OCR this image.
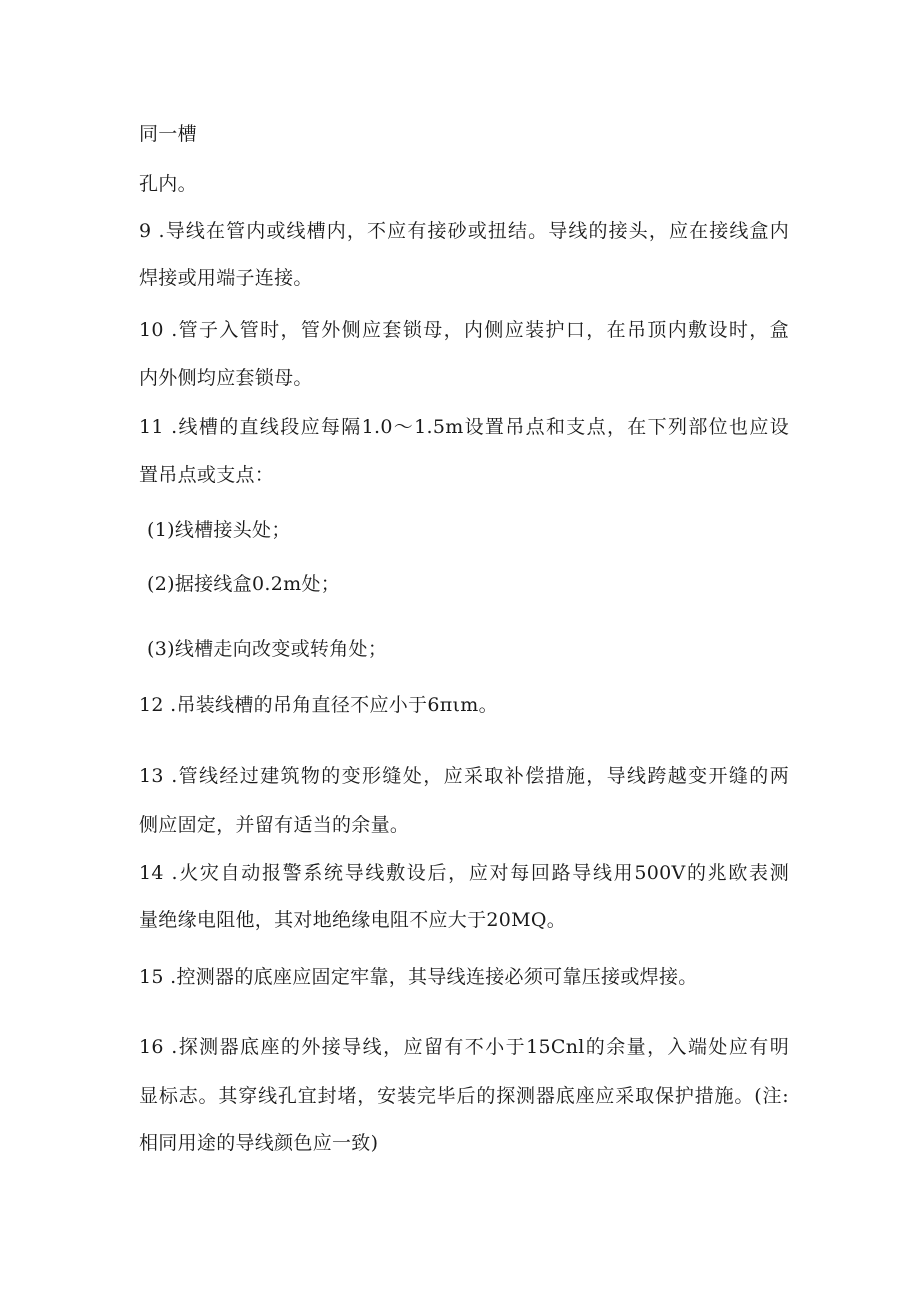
同一槽
孔内。
9 .导线在管内或线槽内，不应有接砂或扭结。导线的接头，应在接线盒内
焊接或用端子连接。
10 .管子入管时，管外侧应套锁母，内侧应装护口，在吊顶内敷设时，盒
内外侧均应套锁母。
11 .线槽的直线段应每隔1.0～1.5m设置吊点和支点，在下列部位也应设
置吊点或支点：
(1)线槽接头处；
(2)据接线盒0.2m处；
(3)线槽走向改变或转角处；
12 .吊装线槽的吊角直径不应小于6πιm。
13 .管线经过建筑物的变形缝处，应采取补偿措施，导线跨越变开缝的两
侧应固定，并留有适当的余量。
14 .火灾自动报警系统导线敷设后，应对每回路导线用500V的兆欧表测
量绝缘电阻他，其对地绝缘电阻不应大于20MQ。
15 .控测器的底座应固定牢靠，其导线连接必须可靠压接或焊接。
16 .探测器底座的外接导线，应留有不小于15Cnl的余量，入端处应有明
显标志。其穿线孔宜封堵，安装完毕后的探测器底座应采取保护措施。(注:
相同用途的导线颜色应一致)
